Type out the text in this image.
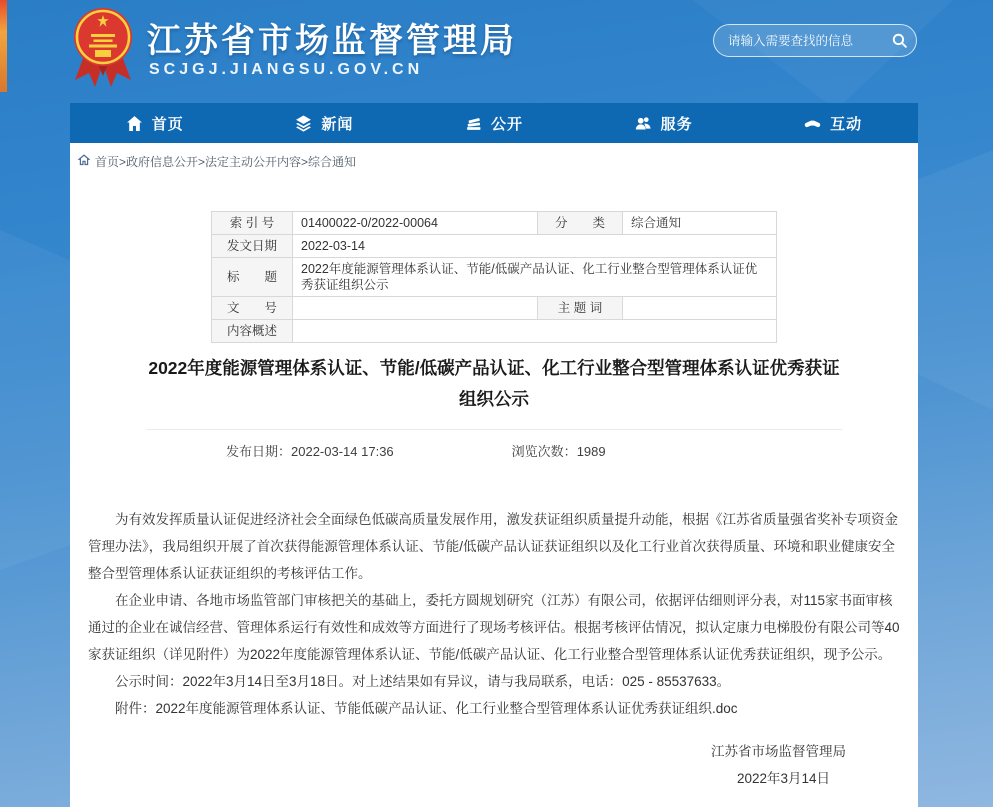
江苏省市场监督管理局
SCJGJ.JIANGSU.GOV.CN
请输入需要查找的信息
首页	新闻	公开	服务	互动
首页>政府信息公开>法定主动公开内容>综合通知
索 引 号	01400022-0/2022-00064	分　　类	综合通知
发文日期	2022-03-14		
标　　题	2022年度能源管理体系认证、节能/低碳产品认证、化工行业整合型管理体系认证优秀获证组织公示		
文　　号		主 题 词	
内容概述			
2022年度能源管理体系认证、节能/低碳产品认证、化工行业整合型管理体系认证优秀获证组织公示
发布日期：2022-03-14 17:36	浏览次数：1989

为有效发挥质量认证促进经济社会全面绿色低碳高质量发展作用，激发获证组织质量提升动能，根据《江苏省质量强省奖补专项资金管理办法》，我局组织开展了首次获得能源管理体系认证、节能/低碳产品认证获证组织以及化工行业首次获得质量、环境和职业健康安全整合型管理体系认证获证组织的考核评估工作。

在企业申请、各地市场监管部门审核把关的基础上，委托方圆规划研究（江苏）有限公司，依据评估细则评分表，对115家书面审核通过的企业在诚信经营、管理体系运行有效性和成效等方面进行了现场考核评估。根据考核评估情况，拟认定康力电梯股份有限公司等40家获证组织（详见附件）为2022年度能源管理体系认证、节能/低碳产品认证、化工行业整合型管理体系认证优秀获证组织，现予公示。

公示时间：2022年3月14日至3月18日。对上述结果如有异议，请与我局联系，电话：025 - 85537633。

附件：2022年度能源管理体系认证、节能低碳产品认证、化工行业整合型管理体系认证优秀获证组织.doc

江苏省市场监督管理局
2022年3月14日
